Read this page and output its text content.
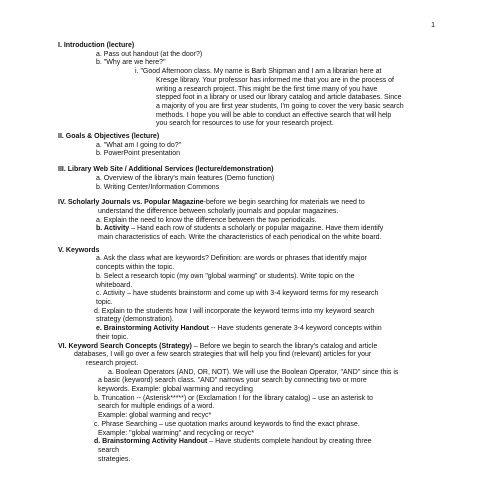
1
I. Introduction (lecture)
a. Pass out handout (at the door?)
b. "Why are we here?"
i. "Good Afternoon class. My name is Barb Shipman and I am a librarian here at
Kresge library. Your professor has informed me that you are in the process of
writing a research project. This might be the first time many of you have
stepped foot in a library or used our library catalog and article databases. Since
a majority of you are first year students, I'm going to cover the very basic search
methods. I hope you will be able to conduct an effective search that will help
you search for resources to use for your research project.
II. Goals & Objectives (lecture)
a. "What am I going to do?"
b. PowerPoint presentation
III. Library Web Site / Additional Services (lecture/demonstration)
a. Overview of the library's main features (Demo function)
b. Writing Center/Information Commons
IV. Scholarly Journals vs. Popular Magazine-before we begin searching for materials we need to
understand the difference between scholarly journals and popular magazines.
a. Explain the need to know the difference between the two periodicals.
b. Activity – Hand each row of students a scholarly or popular magazine. Have them identify
main characteristics of each. Write the characteristics of each periodical on the white board.
V. Keywords
a. Ask the class what are keywords? Definition: are words or phrases that identify major
concepts within the topic.
b. Select a research topic (my own "global warming" or students). Write topic on the
whiteboard.
c. Activity – have students brainstorm and come up with 3-4 keyword terms for my research
topic.
d. Explain to the students how I will incorporate the keyword terms into my keyword search
strategy (demonstration).
e. Brainstorming Activity Handout -- Have students generate 3-4 keyword concepts within
their topic.
VI. Keyword Search Concepts (Strategy) – Before we begin to search the library's catalog and article
databases, I will go over a few search strategies that will help you find (relevant) articles for your
research project.
a. Boolean Operators (AND, OR, NOT). We will use the Boolean Operator, "AND" since this is
a basic (keyword) search class. "AND" narrows your search by connecting two or more
keywords. Example: global warming and recycling
b. Truncation -- (Asterisk*****) or (Exclamation ! for the library catalog) – use an asterisk to
search for multiple endings of a word.
Example: global warming and recyc*
c. Phrase Searching – use quotation marks around keywords to find the exact phrase.
Example: "global warming" and recycling or recyc*
d. Brainstorming Activity Handout – Have students complete handout by creating three
search
strategies.
